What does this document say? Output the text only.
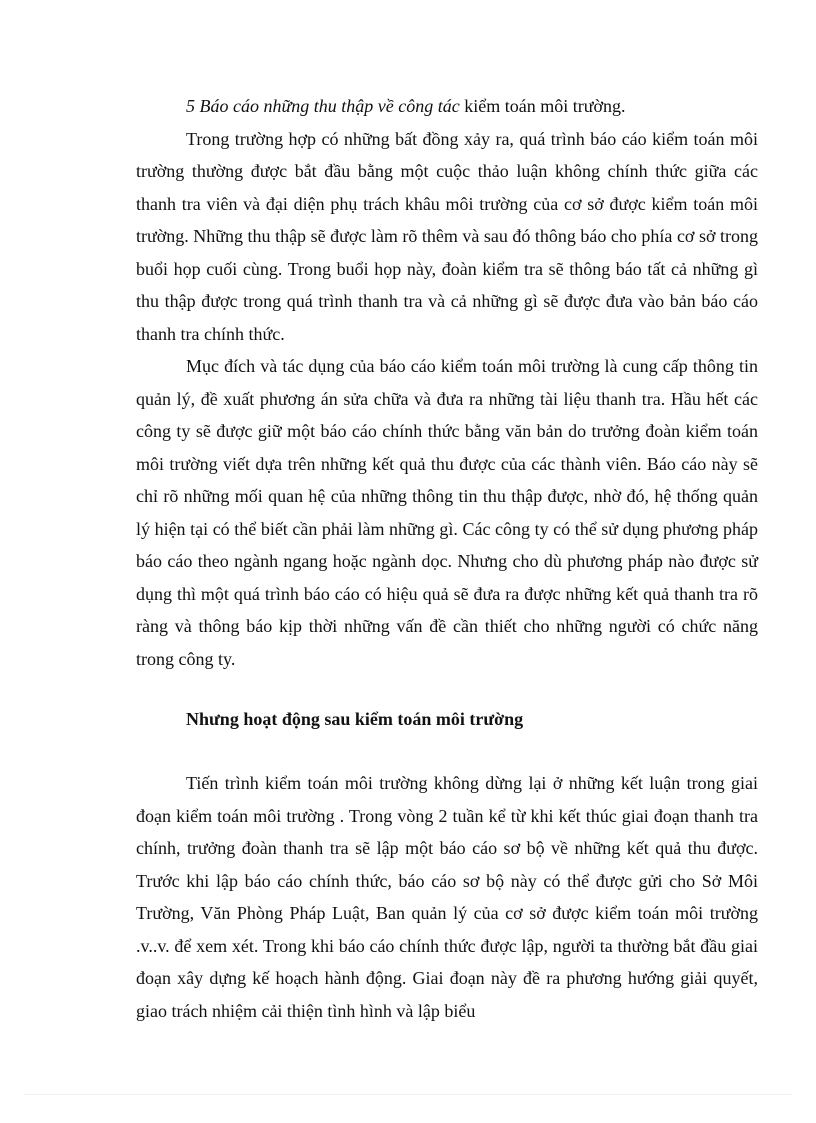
5 Báo cáo những thu thập về công tác kiểm toán môi trường.

Trong trường hợp có những bất đồng xảy ra, quá trình báo cáo kiểm toán môi trường thường được bắt đầu bằng một cuộc thảo luận không chính thức giữa các thanh tra viên và đại diện phụ trách khâu môi trường của cơ sở được kiểm toán môi trường. Những thu thập sẽ được làm rõ thêm và sau đó thông báo cho phía cơ sở trong buổi họp cuối cùng. Trong buổi họp này, đoàn kiểm tra sẽ thông báo tất cả những gì thu thập được trong quá trình thanh tra và cả những gì sẽ được đưa vào bản báo cáo thanh tra chính thức.

Mục đích và tác dụng của báo cáo kiểm toán môi trường là cung cấp thông tin quản lý, đề xuất phương án sửa chữa và đưa ra những tài liệu thanh tra. Hầu hết các công ty sẽ được giữ một báo cáo chính thức bằng văn bản do trưởng đoàn kiểm toán môi trường viết dựa trên những kết quả thu được của các thành viên. Báo cáo này sẽ chỉ rõ những mối quan hệ của những thông tin thu thập được, nhờ đó, hệ thống quản lý hiện tại có thể biết cần phải làm những gì. Các công ty có thể sử dụng phương pháp báo cáo theo ngành ngang hoặc ngành dọc. Nhưng cho dù phương pháp nào được sử dụng thì một quá trình báo cáo có hiệu quả sẽ đưa ra được những kết quả thanh tra rõ ràng và thông báo kịp thời những vấn đề cần thiết cho những người có chức năng trong công ty.

Nhưng hoạt động sau kiểm toán môi trường

Tiến trình kiểm toán môi trường không dừng lại ở những kết luận trong giai đoạn kiểm toán môi trường . Trong vòng 2 tuần kể từ khi kết thúc giai đoạn thanh tra chính, trưởng đoàn thanh tra sẽ lập một báo cáo sơ bộ về những kết quả thu được. Trước khi lập báo cáo chính thức, báo cáo sơ bộ này có thể được gửi cho Sở Môi Trường, Văn Phòng Pháp Luật, Ban quản lý của cơ sở được kiểm toán môi trường .v..v. để xem xét. Trong khi báo cáo chính thức được lập, người ta thường bắt đầu giai đoạn xây dựng kế hoạch hành động. Giai đoạn này đề ra phương hướng giải quyết, giao trách nhiệm cải thiện tình hình và lập biểu
